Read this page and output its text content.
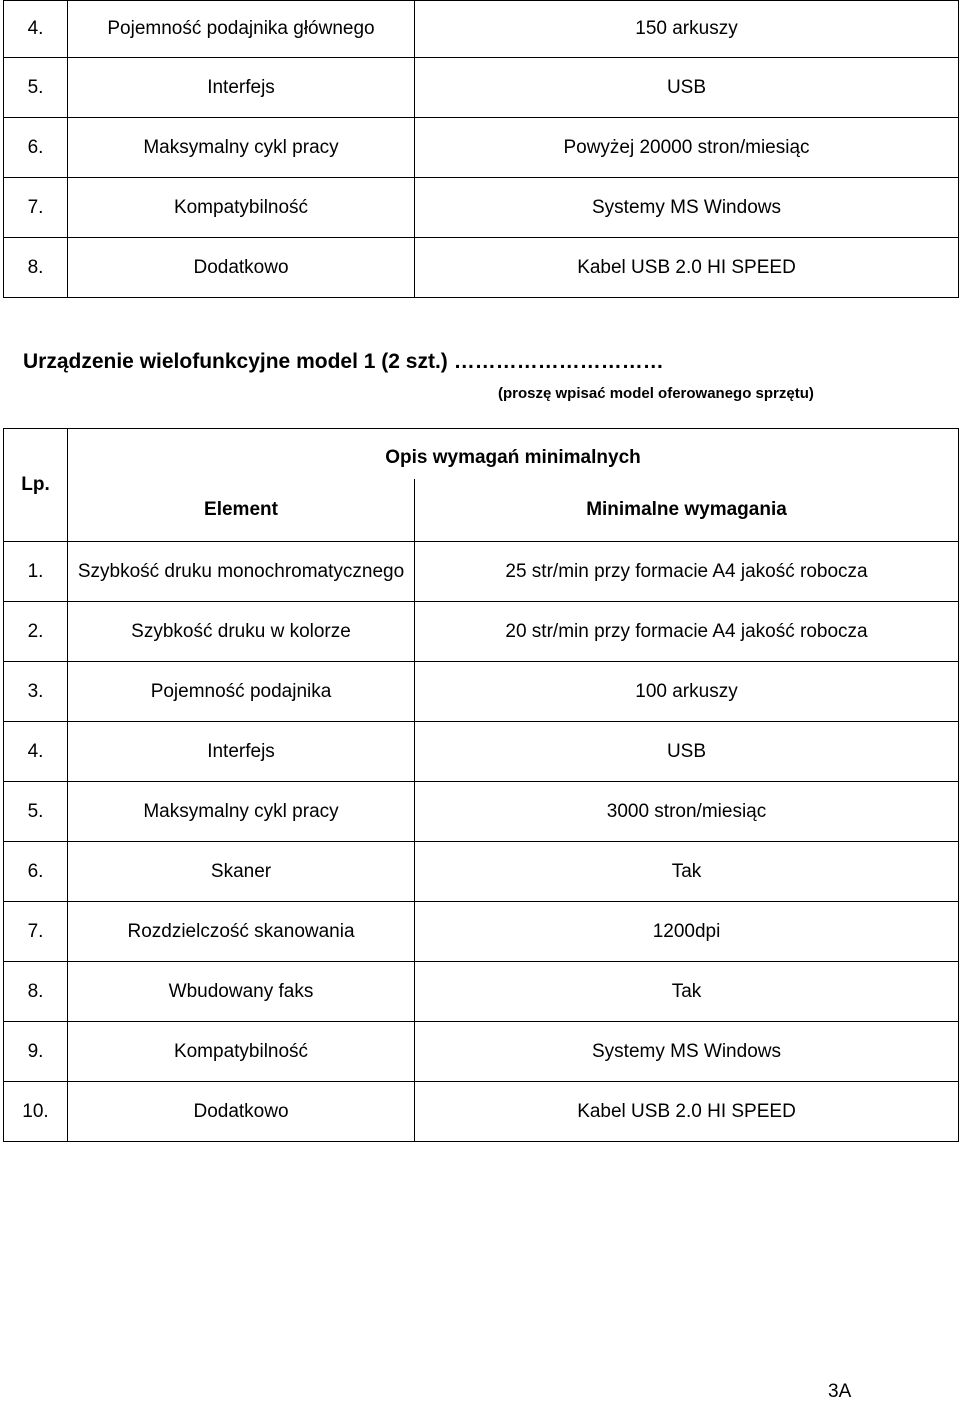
4.	Pojemność podajnika głównego	150 arkuszy
5.	Interfejs	USB
6.	Maksymalny cykl pracy	Powyżej 20000 stron/miesiąc
7.	Kompatybilność	Systemy MS Windows
8.	Dodatkowo	Kabel USB 2.0 HI SPEED
Urządzenie wielofunkcyjne model 1 (2 szt.) …………………………
(proszę wpisać model oferowanego sprzętu)
Lp.	Opis wymagań minimalnych	
	Element	Minimalne wymagania
1.	Szybkość druku monochromatycznego	25 str/min przy formacie A4 jakość robocza
2.	Szybkość druku w kolorze	20 str/min przy formacie A4 jakość robocza
3.	Pojemność podajnika	100 arkuszy
4.	Interfejs	USB
5.	Maksymalny cykl pracy	3000 stron/miesiąc
6.	Skaner	Tak
7.	Rozdzielczość skanowania	1200dpi
8.	Wbudowany faks	Tak
9.	Kompatybilność	Systemy MS Windows
10.	Dodatkowo	Kabel USB 2.0 HI SPEED
3A
